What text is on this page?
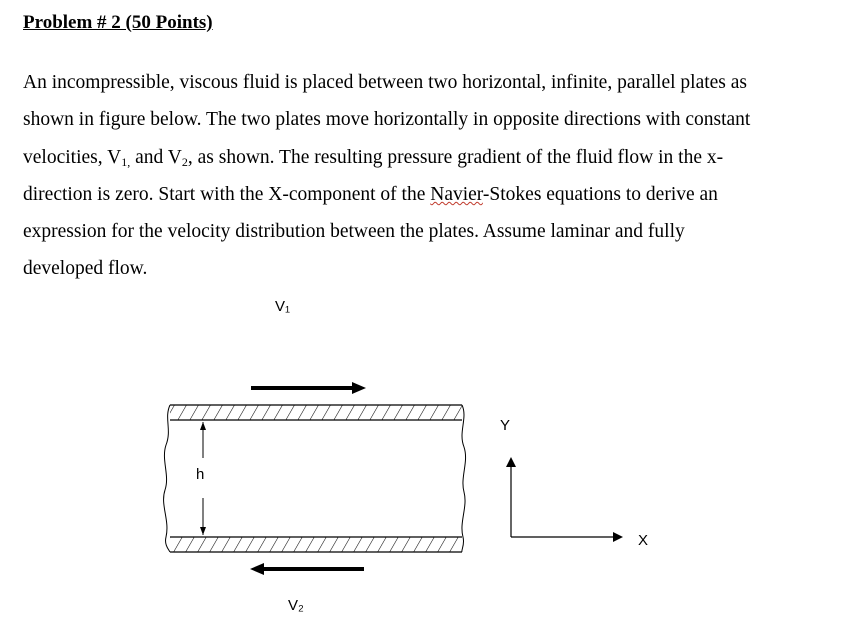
Problem # 2 (50 Points)
An incompressible, viscous fluid is placed between two horizontal, infinite, parallel plates as
shown in figure below. The two plates move horizontally in opposite directions with constant
velocities, $V_{1,}$ and $V_2$, as shown. The resulting pressure gradient of the fluid flow in the x-
direction is zero. Start with the X-component of the Navier-Stokes equations to derive an
expression for the velocity distribution between the plates. Assume laminar and fully
developed flow.
V₁
V₂
h
Y
X
